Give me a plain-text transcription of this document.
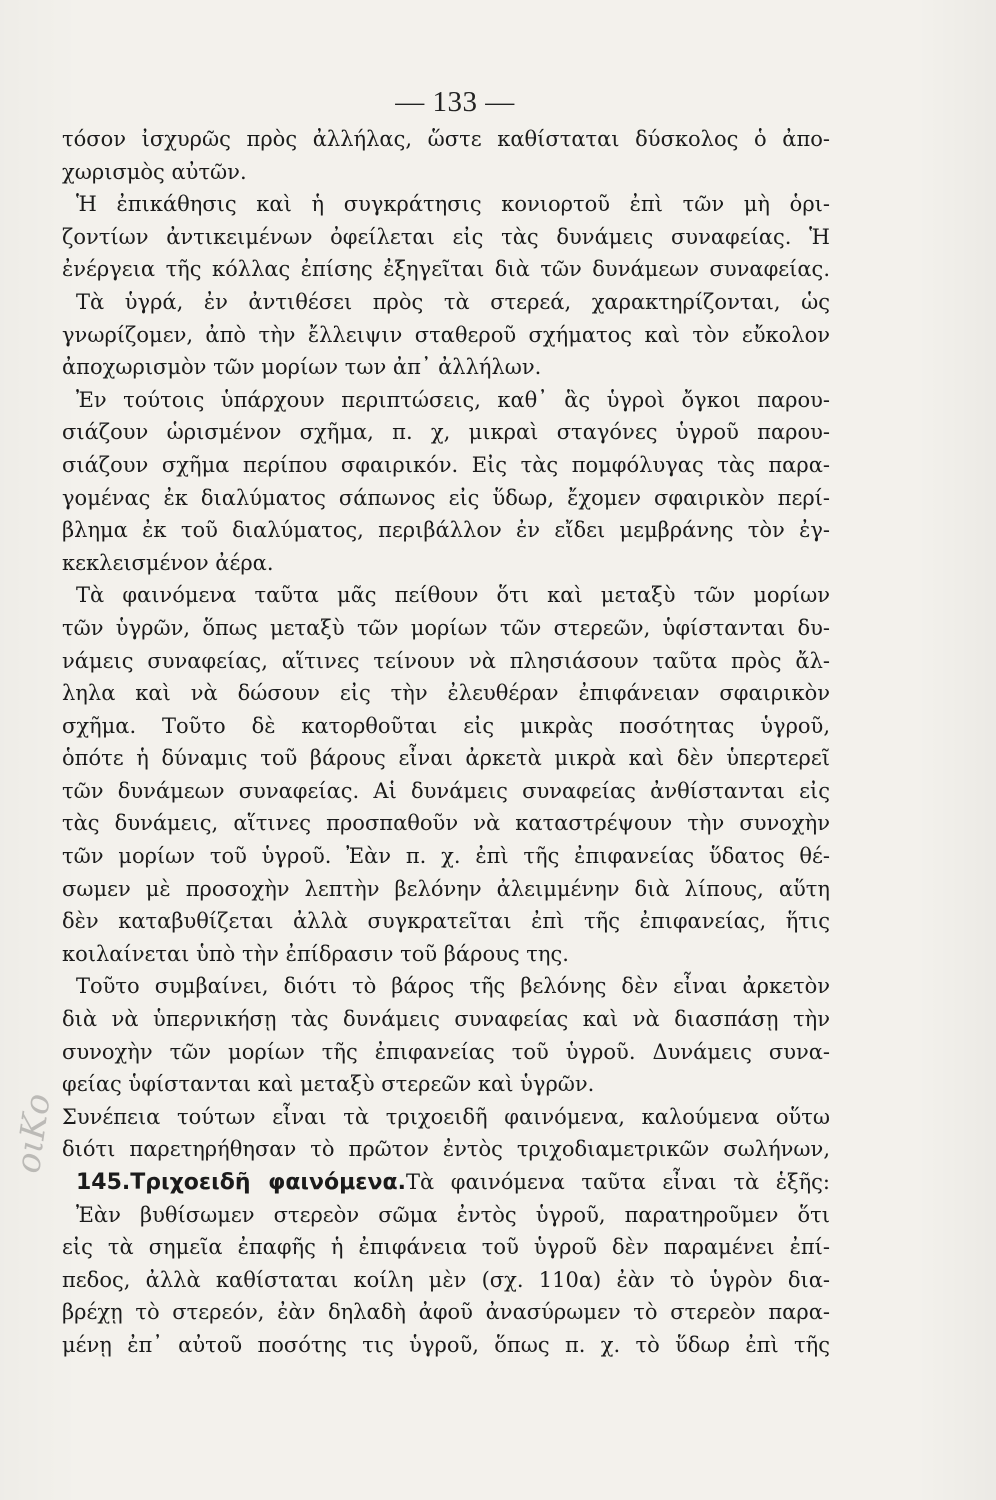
— 133 —
τόσον ἰσχυρῶς πρὸς ἀλλήλας, ὥστε καθίσταται δύσκολος ὁ ἀπο-
χωρισμὸς αὐτῶν.
Ἡ ἐπικάθησις καὶ ἡ συγκράτησις κονιορτοῦ ἐπὶ τῶν μὴ ὁρι-
ζοντίων ἀντικειμένων ὀφείλεται εἰς τὰς δυνάμεις συναφείας. Ἡ
ἐνέργεια τῆς κόλλας ἐπίσης ἐξηγεῖται διὰ τῶν δυνάμεων συναφείας.
Τὰ ὑγρά, ἐν ἀντιθέσει πρὸς τὰ στερεά, χαρακτηρίζονται, ὡς
γνωρίζομεν, ἀπὸ τὴν ἔλλειψιν σταθεροῦ σχήματος καὶ τὸν εὔκολον
ἀποχωρισμὸν τῶν μορίων των ἀπ᾽ ἀλλήλων.
Ἐν τούτοις ὑπάρχουν περιπτώσεις, καθ᾽ ἃς ὑγροὶ ὄγκοι παρου-
σιάζουν ὡρισμένον σχῆμα, π. χ, μικραὶ σταγόνες ὑγροῦ παρου-
σιάζουν σχῆμα περίπου σφαιρικόν. Εἰς τὰς πομφόλυγας τὰς παρα-
γομένας ἐκ διαλύματος σάπωνος εἰς ὕδωρ, ἔχομεν σφαιρικὸν περί-
βλημα ἐκ τοῦ διαλύματος, περιβάλλον ἐν εἴδει μεμβράνης τὸν ἐγ-
κεκλεισμένον ἀέρα.
Τὰ φαινόμενα ταῦτα μᾶς πείθουν ὅτι καὶ μεταξὺ τῶν μορίων
τῶν ὑγρῶν, ὅπως μεταξὺ τῶν μορίων τῶν στερεῶν, ὑφίστανται δυ-
νάμεις συναφείας, αἵτινες τείνουν νὰ πλησιάσουν ταῦτα πρὸς ἄλ-
ληλα καὶ νὰ δώσουν εἰς τὴν ἐλευθέραν ἐπιφάνειαν σφαιρικὸν
σχῆμα. Τοῦτο δὲ κατορθοῦται εἰς μικρὰς ποσότητας ὑγροῦ,
ὁπότε ἡ δύναμις τοῦ βάρους εἶναι ἀρκετὰ μικρὰ καὶ δὲν ὑπερτερεῖ
τῶν δυνάμεων συναφείας. Αἱ δυνάμεις συναφείας ἀνθίστανται εἰς
τὰς δυνάμεις, αἵτινες προσπαθοῦν νὰ καταστρέψουν τὴν συνοχὴν
τῶν μορίων τοῦ ὑγροῦ. Ἐὰν π. χ. ἐπὶ τῆς ἐπιφανείας ὕδατος θέ-
σωμεν μὲ προσοχὴν λεπτὴν βελόνην ἀλειμμένην διὰ λίπους, αὕτη
δὲν καταβυθίζεται ἀλλὰ συγκρατεῖται ἐπὶ τῆς ἐπιφανείας, ἥτις
κοιλαίνεται ὑπὸ τὴν ἐπίδρασιν τοῦ βάρους της.
Τοῦτο συμβαίνει, διότι τὸ βάρος τῆς βελόνης δὲν εἶναι ἀρκετὸν
διὰ νὰ ὑπερνικήσῃ τὰς δυνάμεις συναφείας καὶ νὰ διασπάσῃ τὴν
συνοχὴν τῶν μορίων τῆς ἐπιφανείας τοῦ ὑγροῦ. Δυνάμεις συνα-
φείας ὑφίστανται καὶ μεταξὺ στερεῶν καὶ ὑγρῶν.
Συνέπεια τούτων εἶναι τὰ τριχοειδῆ φαινόμενα, καλούμενα οὕτω
διότι παρετηρήθησαν τὸ πρῶτον ἐντὸς τριχοδιαμετρικῶν σωλήνων,
145.Τριχοειδῆ φαινόμενα.Τὰ φαινόμενα ταῦτα εἶναι τὰ ἑξῆς:
Ἐὰν βυθίσωμεν στερεὸν σῶμα ἐντὸς ὑγροῦ, παρατηροῦμεν ὅτι
εἰς τὰ σημεῖα ἐπαφῆς ἡ ἐπιφάνεια τοῦ ὑγροῦ δὲν παραμένει ἐπί-
πεδος, ἀλλὰ καθίσταται κοίλη μὲν (σχ. 110α) ἐὰν τὸ ὑγρὸν δια-
βρέχῃ τὸ στερεόν, ἐὰν δηλαδὴ ἀφοῦ ἀνασύρωμεν τὸ στερεὸν παρα-
μένῃ ἐπ᾽ αὐτοῦ ποσότης τις ὑγροῦ, ὅπως π. χ. τὸ ὕδωρ ἐπὶ τῆς
οιΚο
